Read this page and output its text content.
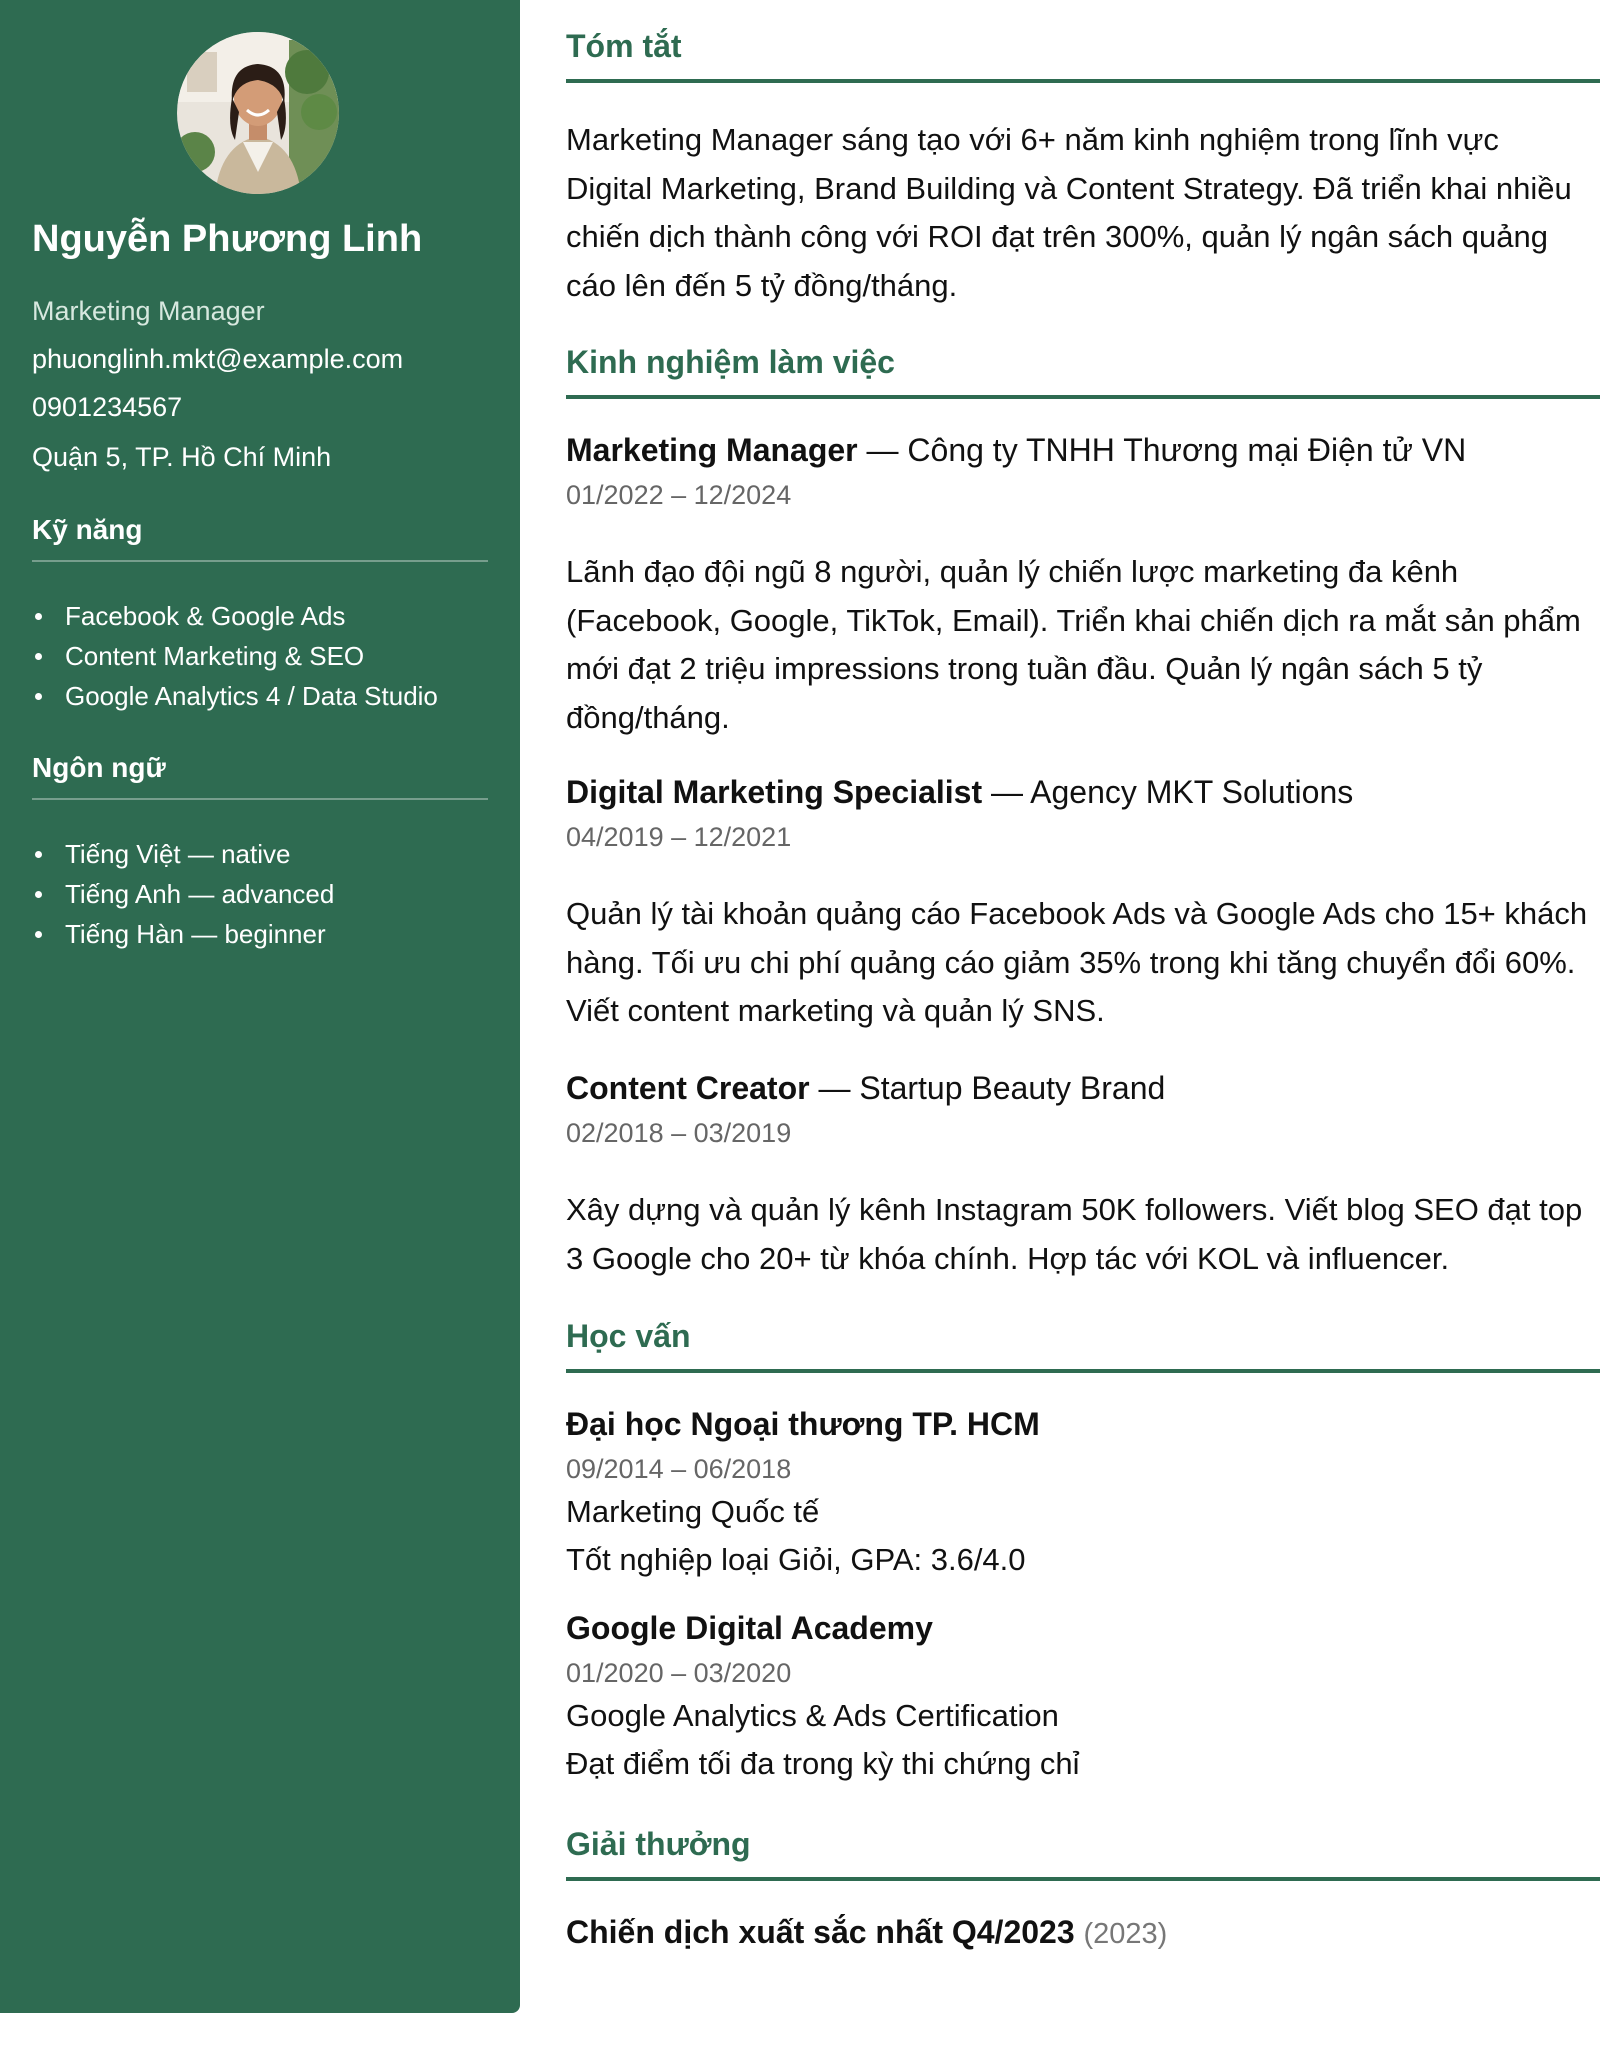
Nguyễn Phương Linh
Marketing Manager
phuonglinh.mkt@example.com
0901234567
Quận 5, TP. Hồ Chí Minh
Kỹ năng
Facebook & Google Ads
Content Marketing & SEO
Google Analytics 4 / Data Studio
Ngôn ngữ
Tiếng Việt — native
Tiếng Anh — advanced
Tiếng Hàn — beginner
Tóm tắt

Marketing Manager sáng tạo với 6+ năm kinh nghiệm trong lĩnh vực Digital Marketing, Brand Building và Content Strategy. Đã triển khai nhiều chiến dịch thành công với ROI đạt trên 300%, quản lý ngân sách quảng cáo lên đến 5 tỷ đồng/tháng.

Kinh nghiệm làm việc
Marketing Manager — Công ty TNHH Thương mại Điện tử VN
01/2022 – 12/2024

Lãnh đạo đội ngũ 8 người, quản lý chiến lược marketing đa kênh (Facebook, Google, TikTok, Email). Triển khai chiến dịch ra mắt sản phẩm mới đạt 2 triệu impressions trong tuần đầu. Quản lý ngân sách 5 tỷ đồng/tháng.

Digital Marketing Specialist — Agency MKT Solutions
04/2019 – 12/2021

Quản lý tài khoản quảng cáo Facebook Ads và Google Ads cho 15+ khách hàng. Tối ưu chi phí quảng cáo giảm 35% trong khi tăng chuyển đổi 60%. Viết content marketing và quản lý SNS.

Content Creator — Startup Beauty Brand
02/2018 – 03/2019

Xây dựng và quản lý kênh Instagram 50K followers. Viết blog SEO đạt top 3 Google cho 20+ từ khóa chính. Hợp tác với KOL và influencer.

Học vấn
Đại học Ngoại thương TP. HCM
09/2014 – 06/2018
Marketing Quốc tế
Tốt nghiệp loại Giỏi, GPA: 3.6/4.0
Google Digital Academy
01/2020 – 03/2020
Google Analytics & Ads Certification
Đạt điểm tối đa trong kỳ thi chứng chỉ
Giải thưởng
Chiến dịch xuất sắc nhất Q4/2023 (2023)
